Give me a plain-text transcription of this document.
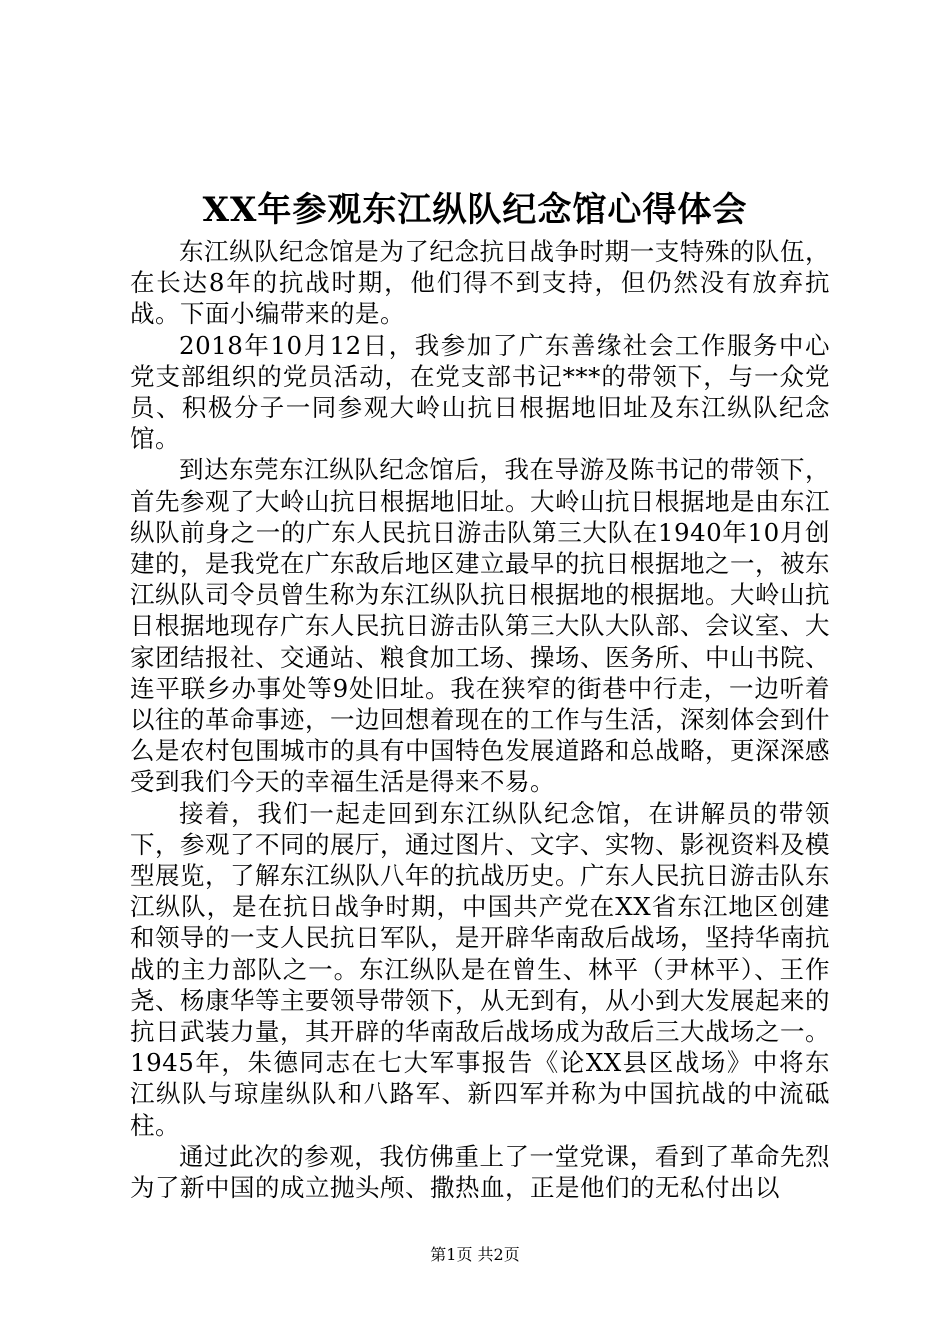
XX年参观东江纵队纪念馆心得体会

东江纵队纪念馆是为了纪念抗日战争时期一支特殊的队伍，在长达8年的抗战时期，他们得不到支持，但仍然没有放弃抗战。下面小编带来的是。

2018年10月12日，我参加了广东善缘社会工作服务中心党支部组织的党员活动，在党支部书记***的带领下，与一众党员、积极分子一同参观大岭山抗日根据地旧址及东江纵队纪念馆。

到达东莞东江纵队纪念馆后，我在导游及陈书记的带领下，首先参观了大岭山抗日根据地旧址。大岭山抗日根据地是由东江纵队前身之一的广东人民抗日游击队第三大队在1940年10月创建的，是我党在广东敌后地区建立最早的抗日根据地之一，被东江纵队司令员曾生称为东江纵队抗日根据地的根据地。大岭山抗日根据地现存广东人民抗日游击队第三大队大队部、会议室、大家团结报社、交通站、粮食加工场、操场、医务所、中山书院、连平联乡办事处等9处旧址。我在狭窄的街巷中行走，一边听着以往的革命事迹，一边回想着现在的工作与生活，深刻体会到什么是农村包围城市的具有中国特色发展道路和总战略，更深深感受到我们今天的幸福生活是得来不易。

接着，我们一起走回到东江纵队纪念馆，在讲解员的带领下，参观了不同的展厅，通过图片、文字、实物、影视资料及模型展览，了解东江纵队八年的抗战历史。广东人民抗日游击队东江纵队，是在抗日战争时期，中国共产党在XX省东江地区创建和领导的一支人民抗日军队，是开辟华南敌后战场，坚持华南抗战的主力部队之一。东江纵队是在曾生、林平（尹林平）、王作尧、杨康华等主要领导带领下，从无到有，从小到大发展起来的抗日武装力量，其开辟的华南敌后战场成为敌后三大战场之一。1945年，朱德同志在七大军事报告《论XX县区战场》中将东江纵队与琼崖纵队和八路军、新四军并称为中国抗战的中流砥柱。

通过此次的参观，我仿佛重上了一堂党课，看到了革命先烈为了新中国的成立抛头颅、撒热血，正是他们的无私付出以

第1页 共2页
